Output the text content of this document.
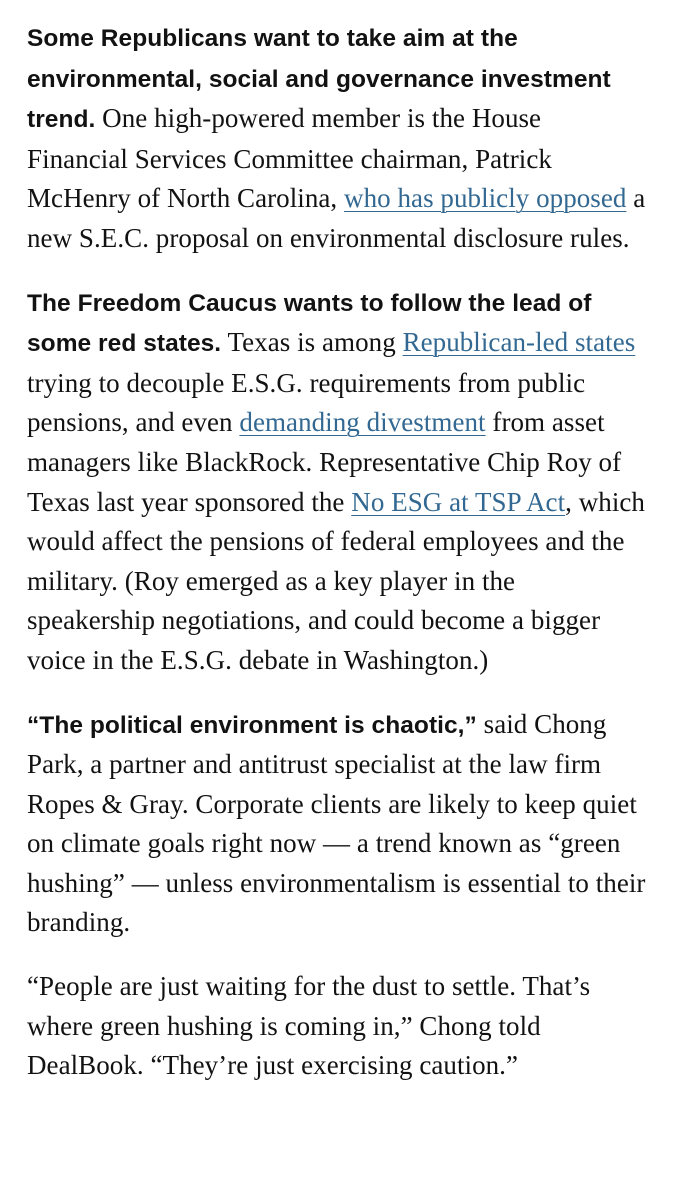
Some Republicans want to take aim at the environmental, social and governance investment trend. One high-powered member is the House Financial Services Committee chairman, Patrick McHenry of North Carolina, who has publicly opposed a new S.E.C. proposal on environmental disclosure rules.

The Freedom Caucus wants to follow the lead of some red states. Texas is among Republican-led states trying to decouple E.S.G. requirements from public pensions, and even demanding divestment from asset managers like BlackRock. Representative Chip Roy of Texas last year sponsored the No ESG at TSP Act, which would affect the pensions of federal employees and the military. (Roy emerged as a key player in the speakership negotiations, and could become a bigger voice in the E.S.G. debate in Washington.)

“The political environment is chaotic,” said Chong Park, a partner and antitrust specialist at the law firm Ropes & Gray. Corporate clients are likely to keep quiet on climate goals right now — a trend known as “green hushing” — unless environmentalism is essential to their branding.

“People are just waiting for the dust to settle. That’s where green hushing is coming in,” Chong told DealBook. “They’re just exercising caution.”
